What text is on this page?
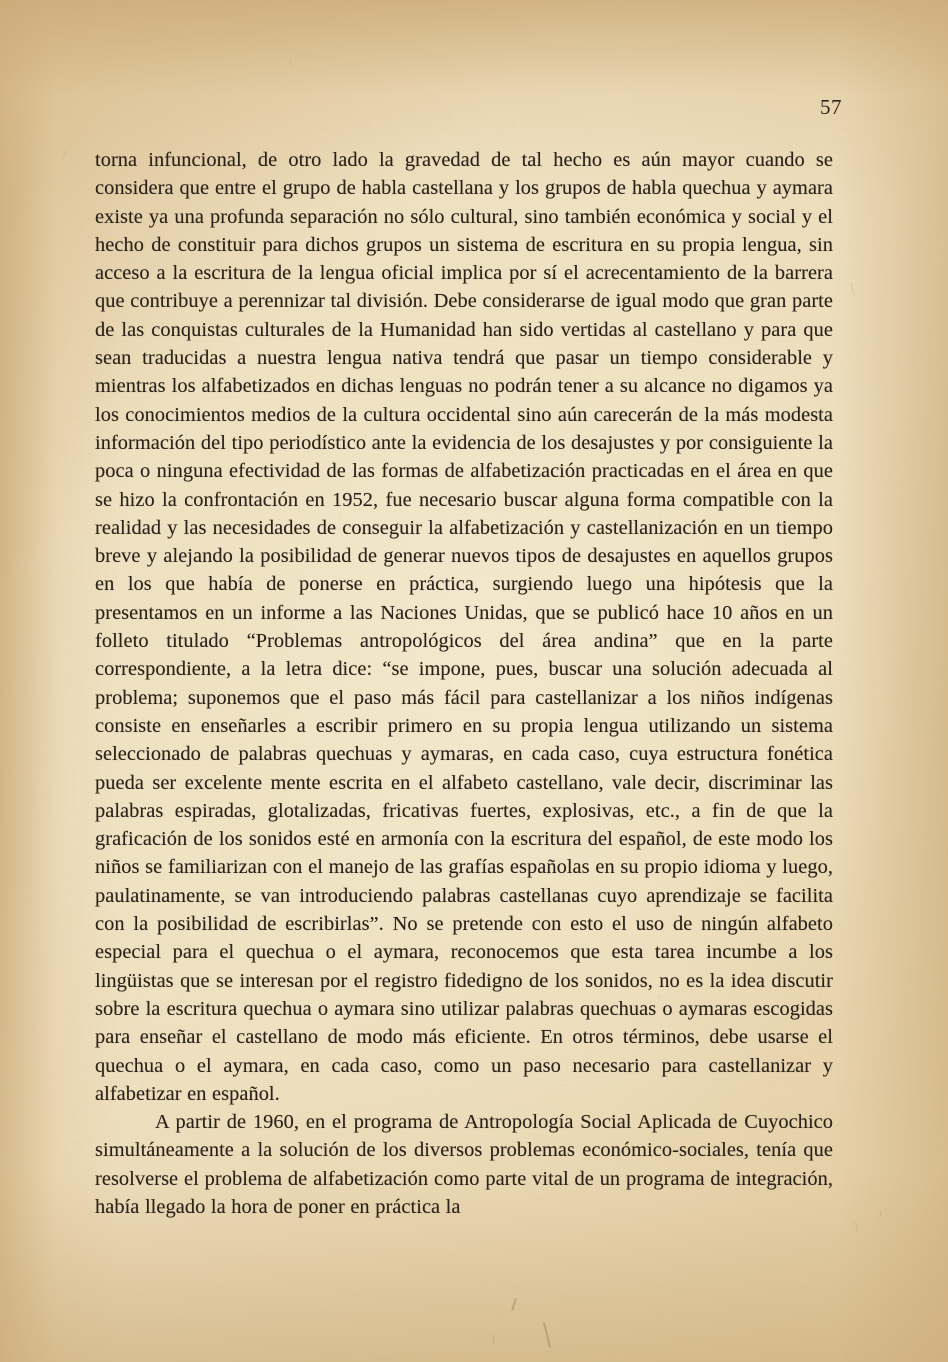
57

torna infuncional, de otro lado la gravedad de tal hecho es aún mayor cuando se considera que entre el grupo de habla castellana y los grupos de habla quechua y aymara existe ya una profunda separación no sólo cultural, sino también económica y social y el hecho de constituir para dichos grupos un sistema de escritura en su propia lengua, sin acceso a la escritura de la lengua oficial implica por sí el acrecentamiento de la barrera que contribuye a perennizar tal división. Debe considerarse de igual modo que gran parte de las conquistas culturales de la Humanidad han sido vertidas al castellano y para que sean traducidas a nuestra lengua nativa tendrá que pasar un tiempo considerable y mientras los alfabetizados en dichas lenguas no podrán tener a su alcance no digamos ya los conocimientos medios de la cultura occidental sino aún carecerán de la más modesta información del tipo periodístico ante la evidencia de los desajustes y por consiguiente la poca o ninguna efectividad de las formas de alfabetización practicadas en el área en que se hizo la confrontación en 1952, fue necesario buscar alguna forma compatible con la realidad y las necesidades de conseguir la alfabetización y castellanización en un tiempo breve y alejando la posibilidad de generar nuevos tipos de desajustes en aquellos grupos en los que había de ponerse en práctica, surgiendo luego una hipótesis que la presentamos en un informe a las Naciones Unidas, que se publicó hace 10 años en un folleto titulado “Problemas antropológicos del área andina” que en la parte correspondiente, a la letra dice: “se impone, pues, buscar una solución adecuada al problema; suponemos que el paso más fácil para castellanizar a los niños indígenas consiste en enseñarles a escribir primero en su propia lengua utilizando un sistema seleccionado de palabras quechuas y aymaras, en cada caso, cuya estructura fonética pueda ser excelente mente escrita en el alfabeto castellano, vale decir, discriminar las palabras espiradas, glotalizadas, fricativas fuertes, explosivas, etc., a fin de que la graficación de los sonidos esté en armonía con la escritura del español, de este modo los niños se familiarizan con el manejo de las grafías españolas en su propio idioma y luego, paulatinamente, se van introduciendo palabras castellanas cuyo aprendizaje se facilita con la posibilidad de escribirlas”. No se pretende con esto el uso de ningún alfabeto especial para el quechua o el aymara, reconocemos que esta tarea incumbe a los lingüistas que se interesan por el registro fidedigno de los sonidos, no es la idea discutir sobre la escritura quechua o aymara sino utilizar palabras quechuas o aymaras escogidas para enseñar el castellano de modo más eficiente. En otros términos, debe usarse el quechua o el aymara, en cada caso, como un paso necesario para castellanizar y alfabetizar en español.

A partir de 1960, en el programa de Antropología Social Aplicada de Cuyochico simultáneamente a la solución de los diversos problemas económico-sociales, tenía que resolverse el problema de alfabetización como parte vital de un programa de integración, había llegado la hora de poner en práctica la
